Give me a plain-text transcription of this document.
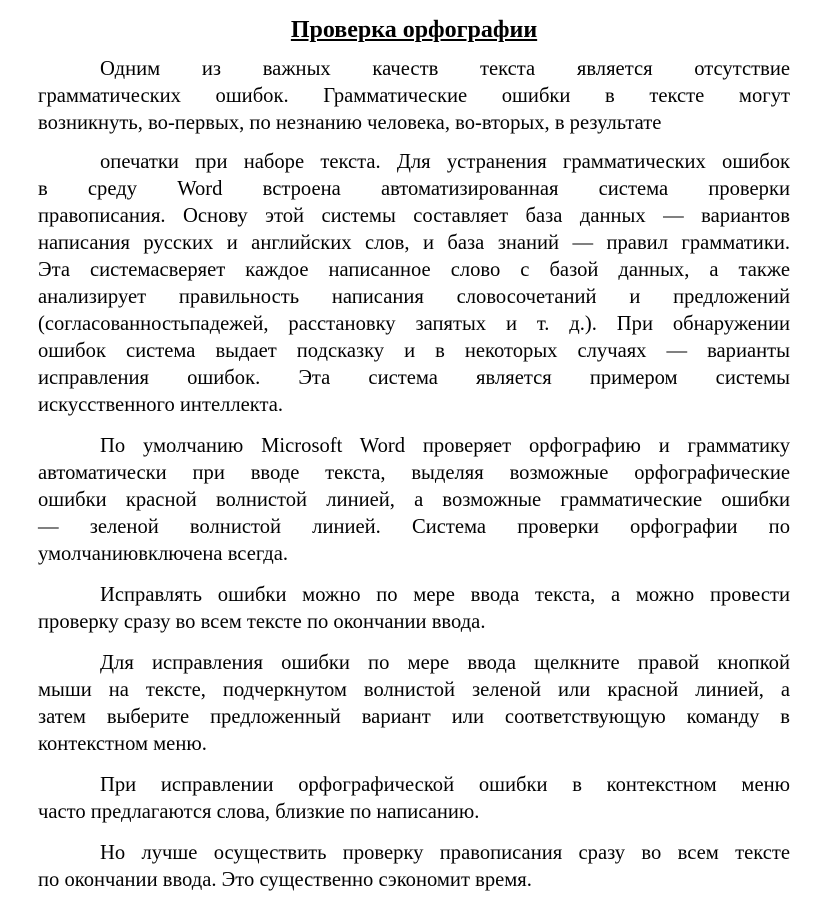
Проверка орфографии
Одним из важных качеств текста является отсутствие
грамматических ошибок. Грамматические ошибки в тексте могут
возникнуть, во-первых, по незнанию человека, во-вторых, в результате
опечатки при наборе текста. Для устранения грамматических ошибок
в среду Word встроена автоматизированная система проверки
правописания. Основу этой системы составляет база данных — вариантов
написания русских и английских слов, и база знаний — правил грамматики.
Эта системасверяет каждое написанное слово с базой данных, а также
анализирует правильность написания словосочетаний и предложений
(согласованностьпадежей, расстановку запятых и т. д.). При обнаружении
ошибок система выдает подсказку и в некоторых случаях — варианты
исправления ошибок. Эта система является примером системы
искусственного интеллекта.
По умолчанию Microsoft Word проверяет орфографию и грамматику
автоматически при вводе текста, выделяя возможные орфографические
ошибки красной волнистой линией, а возможные грамматические ошибки
— зеленой волнистой линией. Система проверки орфографии по
умолчаниювключена всегда.
Исправлять ошибки можно по мере ввода текста, а можно провести
проверку сразу во всем тексте по окончании ввода.
Для исправления ошибки по мере ввода щелкните правой кнопкой
мыши на тексте, подчеркнутом волнистой зеленой или красной линией, а
затем выберите предложенный вариант или соответствующую команду в
контекстном меню.
При исправлении орфографической ошибки в контекстном меню
часто предлагаются слова, близкие по написанию.
Но лучше осуществить проверку правописания сразу во всем тексте
по окончании ввода. Это существенно сэкономит время.
